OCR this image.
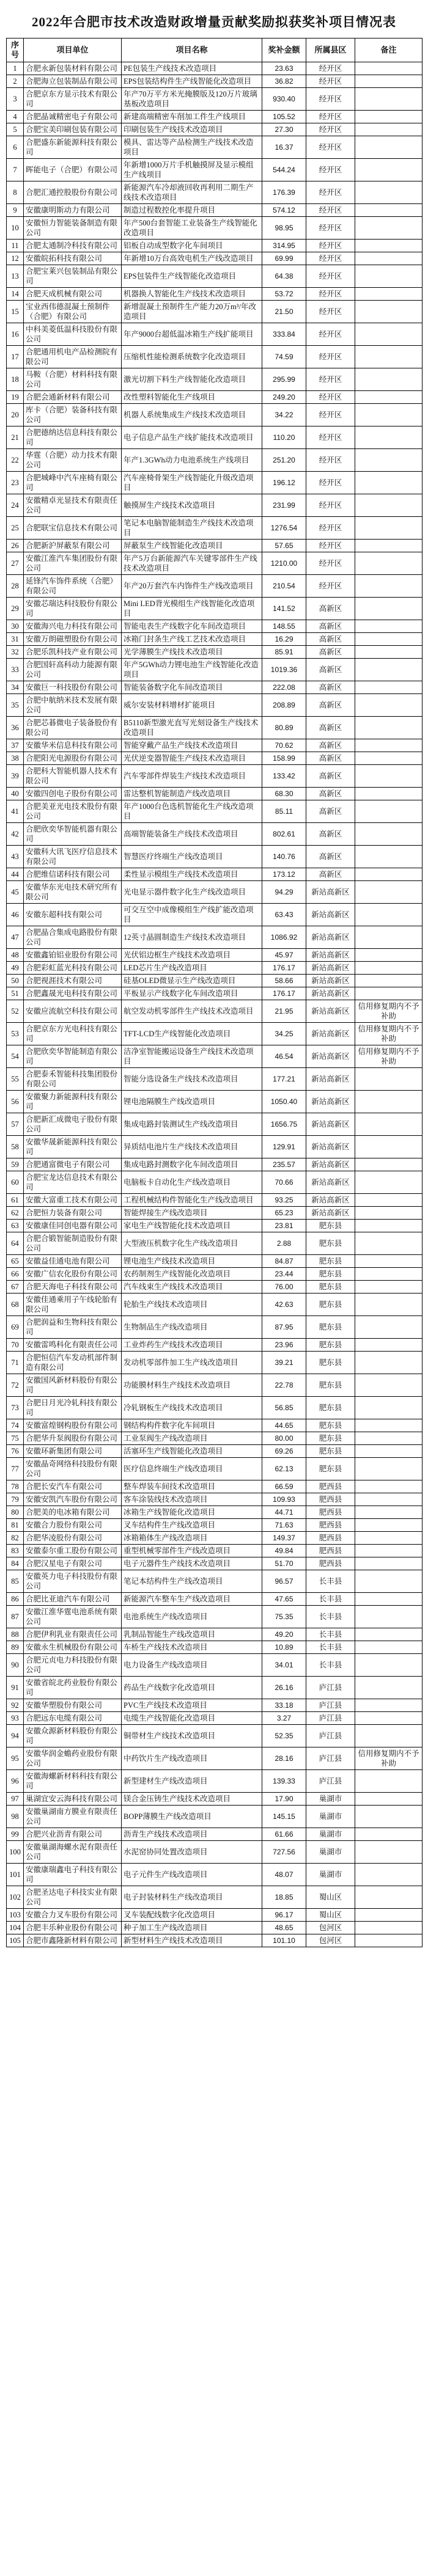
2022年合肥市技术改造财政增量贡献奖励拟获奖补项目情况表
序号	项目单位	项目名称	奖补金额	所属县区	备注
1	合肥永新包装材料有限公司	PE包装生产线技术改造项目	23.63	经开区	
2	合肥海立包装制品有限公司	EPS包装结构件生产线智能化改造项目	36.82	经开区	
3	合肥京东方显示技术有限公司	年产70万平方米光掩膜版及120万片玻璃基板改造项目	930.40	经开区	
4	合肥晶诚精密电子有限公司	新建高端精密车削加工件生产线项目	105.52	经开区	
5	合肥宝美印刷包装有限公司	印刷包装生产线技术改造项目	27.30	经开区	
6	合肥盛东新能源科技有限公司	模具、雷达等产品检测生产线技术改造项目	16.37	经开区	
7	晖能电子（合肥）有限公司	年新增1000万片手机触摸屏及显示模组生产线项目	544.24	经开区	
8	合肥汇通控股股份有限公司	新能源汽车冷却液回收再利用二期生产线技术改造项目	176.39	经开区	
9	安徽康明斯动力有限公司	制造过程数控化率提升项目	574.12	经开区	
10	安徽恒力智能装备制造有限公司	年产500台套智能工业装备生产线智能化改造项目	98.95	经开区	
11	合肥太通制冷科技有限公司	铝板自动成型数字化车间项目	314.95	经开区	
12	安徽皖拓科技有限公司	年新增10万台高效电机生产线改造项目	69.99	经开区	
13	合肥宝莱兴包装制品有限公司	EPS包装件生产线智能化改造项目	64.38	经开区	
14	合肥天成机械有限公司	机器换人智能化生产线技术改造项目	53.72	经开区	
15	宝业西伟德混凝土预制件（合肥）有限公司	新增混凝土预制件生产能力20万m³/年改造项目	21.50	经开区	
16	中科美菱低温科技股份有限公司	年产9000台超低温冰箱生产线扩能项目	333.84	经开区	
17	合肥通用机电产品检测院有限公司	压缩机性能检测系统数字化改造项目	74.59	经开区	
18	马鞍（合肥）材料科技有限公司	激光切割下料生产线智能化改造项目	295.99	经开区	
19	合肥会通新材料有限公司	改性塑料智能化生产线项目	249.20	经开区	
20	库卡（合肥）装备科技有限公司	机器人系统集成生产线技术改造项目	34.22	经开区	
21	合肥德纳达信息科技有限公司	电子信息产品生产线扩能技术改造项目	110.20	经开区	
22	华霆（合肥）动力技术有限公司	年产1.3GWh动力电池系统生产线项目	251.20	经开区	
23	合肥城峰中汽车座椅有限公司	汽车座椅骨架生产线智能化升级改造项目	196.12	经开区	
24	安徽精卓光显技术有限责任公司	触摸屏生产线技术改造项目	231.99	经开区	
25	合肥联宝信息技术有限公司	笔记本电脑智能制造生产线技术改造项目	1276.54	经开区	
26	合肥新沪屏蔽泵有限公司	屏蔽泵生产线智能化改造项目	57.65	经开区	
27	安徽江淮汽车集团股份有限公司	年产5万台新能源汽车关键零部件生产线技术改造项目	1210.00	经开区	
28	延锋汽车饰件系统（合肥）有限公司	年产20万套汽车内饰件生产线改造项目	210.54	经开区	
29	安徽芯瑞达科技股份有限公司	Mini LED背光模组生产线智能化改造项目	141.52	高新区	
30	安徽海兴电力科技有限公司	智能电表生产线数字化车间改造项目	148.55	高新区	
31	安徽万朗磁塑股份有限公司	冰箱门封条生产线工艺技术改造项目	16.29	高新区	
32	合肥乐凯科技产业有限公司	光学薄膜生产线技术改造项目	85.91	高新区	
33	合肥国轩高科动力能源有限公司	年产5GWh动力锂电池生产线智能化改造项目	1019.36	高新区	
34	安徽巨一科技股份有限公司	智能装备数字化车间改造项目	222.08	高新区	
35	合肥中航纳米技术发展有限公司	威尔安装材料增材扩能项目	208.89	高新区	
36	合肥芯碁微电子装备股份有限公司	B5110新型激光直写光刻设备生产线技术改造项目	80.89	高新区	
37	安徽华米信息科技有限公司	智能穿戴产品生产线技术改造项目	70.62	高新区	
38	合肥阳光电源股份有限公司	光伏逆变器智能生产线技术改造项目	158.99	高新区	
39	合肥科大智能机器人技术有限公司	汽车零部件焊装生产线技术改造项目	133.42	高新区	
40	安徽四创电子股份有限公司	雷达整机智能制造产线改造项目	68.30	高新区	
41	合肥美亚光电技术股份有限公司	年产1000台色选机智能化生产线改造项目	85.11	高新区	
42	合肥欣奕华智能机器有限公司	高端智能装备生产线技术改造项目	802.61	高新区	
43	安徽科大讯飞医疗信息技术有限公司	智慧医疗终端生产线改造项目	140.76	高新区	
44	合肥维信诺科技有限公司	柔性显示模组生产线技术改造项目	173.12	高新区	
45	安徽华东光电技术研究所有限公司	光电显示器件数字化生产线改造项目	94.29	新站高新区	
46	安徽东超科技有限公司	可交互空中成像模组生产线扩能改造项目	63.43	新站高新区	
47	合肥晶合集成电路股份有限公司	12英寸晶圆制造生产线技术改造项目	1086.92	新站高新区	
48	安徽鑫铂铝业股份有限公司	光伏铝边框生产线技术改造项目	45.97	新站高新区	
49	合肥彩虹蓝光科技有限公司	LED芯片生产线改造项目	176.17	新站高新区	
50	合肥视涯技术有限公司	硅基OLED微显示生产线改造项目	58.66	新站高新区	
51	合肥鑫晟光电科技有限公司	平板显示产线数字化车间改造项目	176.17	新站高新区	
52	安徽应流航空科技有限公司	航空发动机零部件生产线技术改造项目	21.95	新站高新区	信用修复期内不予补助
53	合肥京东方光电科技有限公司	TFT-LCD生产线智能化改造项目	34.25	新站高新区	信用修复期内不予补助
54	合肥欣奕华智能制造有限公司	洁净室智能搬运设备生产线技术改造项目	46.54	新站高新区	信用修复期内不予补助
55	合肥泰禾智能科技集团股份有限公司	智能分选设备生产线技术改造项目	177.21	新站高新区	
56	安徽聚力新能源科技有限公司	锂电池隔膜生产线改造项目	1050.40	新站高新区	
57	合肥新汇成微电子股份有限公司	集成电路封装测试生产线改造项目	1656.75	新站高新区	
58	安徽华晟新能源科技有限公司	异质结电池片生产线技术改造项目	129.91	新站高新区	
59	合肥通富微电子有限公司	集成电路封测数字化车间改造项目	235.57	新站高新区	
60	合肥宝龙达信息技术有限公司	电脑板卡自动化生产线改造项目	70.66	新站高新区	
61	安徽大富重工技术有限公司	工程机械结构件智能化生产线改造项目	93.25	新站高新区	
62	合肥恒力装备有限公司	智能焊接生产线改造项目	65.23	新站高新区	
63	安徽康佳同创电器有限公司	家电生产线智能化技术改造项目	23.81	肥东县	
64	合肥合锻智能制造股份有限公司	大型液压机数字化生产线改造项目	2.88	肥东县	
65	安徽益佳通电池有限公司	锂电池生产线技术改造项目	84.87	肥东县	
66	安徽广信农化股份有限公司	农药制剂生产线智能化改造项目	23.44	肥东县	
67	合肥天海电子科技有限公司	汽车线束生产线技术改造项目	76.00	肥东县	
68	安徽佳通乘用子午线轮胎有限公司	轮胎生产线技术改造项目	42.63	肥东县	
69	合肥润益和生物科技有限公司	生物制品生产线改造项目	87.95	肥东县	
70	安徽雷鸣科化有限责任公司	工业炸药生产线技术改造项目	23.96	肥东县	
71	合肥恒信汽车发动机部件制造有限公司	发动机零部件加工生产线改造项目	39.21	肥东县	
72	安徽国风新材料股份有限公司	功能膜材料生产线技术改造项目	22.78	肥东县	
73	合肥日月光冷轧科技有限公司	冷轧钢板生产线技术改造项目	56.85	肥东县	
74	安徽富煌钢构股份有限公司	钢结构构件数字化车间项目	44.65	肥东县	
75	合肥华升泵阀股份有限公司	工业泵阀生产线改造项目	80.00	肥东县	
76	安徽环新集团有限公司	活塞环生产线智能化改造项目	69.26	肥东县	
77	安徽晶奇网络科技股份有限公司	医疗信息终端生产线改造项目	62.13	肥东县	
78	合肥长安汽车有限公司	整车焊装车间技术改造项目	66.59	肥西县	
79	安徽安凯汽车股份有限公司	客车涂装线技术改造项目	109.93	肥西县	
80	合肥美的电冰箱有限公司	冰箱生产线智能化改造项目	44.71	肥西县	
81	安徽合力股份有限公司	叉车结构件生产线改造项目	71.63	肥西县	
82	合肥华凌股份有限公司	冰箱箱体生产线改造项目	149.37	肥西县	
83	安徽泰尔重工股份有限公司	重型机械零部件生产线改造项目	49.84	肥西县	
84	合肥汉星电子有限公司	电子元器件生产线技术改造项目	51.70	肥西县	
85	安徽英力电子科技股份有限公司	笔记本结构件生产线改造项目	96.57	长丰县	
86	合肥比亚迪汽车有限公司	新能源汽车整车生产线改造项目	47.65	长丰县	
87	安徽江淮华霆电池系统有限公司	电池系统生产线改造项目	75.35	长丰县	
88	合肥伊利乳业有限责任公司	乳制品智能生产线改造项目	49.20	长丰县	
89	安徽永生机械股份有限公司	车桥生产线技术改造项目	10.89	长丰县	
90	合肥元贞电力科技股份有限公司	电力设备生产线改造项目	34.01	长丰县	
91	安徽省皖北药业股份有限公司	药品生产线数字化改造项目	26.16	庐江县	
92	安徽华塑股份有限公司	PVC生产线技术改造项目	33.18	庐江县	
93	合肥远东电缆有限公司	电缆生产线智能化改造项目	3.27	庐江县	
94	安徽众源新材料股份有限公司	铜带材生产线技术改造项目	52.35	庐江县	
95	安徽华润金蟾药业股份有限公司	中药饮片生产线改造项目	28.16	庐江县	信用修复期内不予补助
96	安徽海螺新材料科技有限公司	新型建材生产线改造项目	139.33	庐江县	
97	巢湖宜安云海科技有限公司	镁合金压铸生产线技术改造项目	17.90	巢湖市	
98	安徽巢湖南方膜业有限责任公司	BOPP薄膜生产线改造项目	145.15	巢湖市	
99	合肥兴业沥青有限公司	沥青生产线技术改造项目	61.66	巢湖市	
100	安徽巢湖海螺水泥有限责任公司	水泥窑协同处置改造项目	727.56	巢湖市	
101	安徽康瑞鑫电子科技有限公司	电子元件生产线改造项目	48.07	巢湖市	
102	合肥圣达电子科技实业有限公司	电子封装材料生产线改造项目	18.85	蜀山区	
103	安徽合力叉车股份有限公司	叉车装配线数字化改造项目	96.17	蜀山区	
104	合肥丰乐种业股份有限公司	种子加工生产线改造项目	48.65	包河区	
105	合肥市鑫隆新材料有限公司	新型材料生产线技术改造项目	101.10	包河区	
